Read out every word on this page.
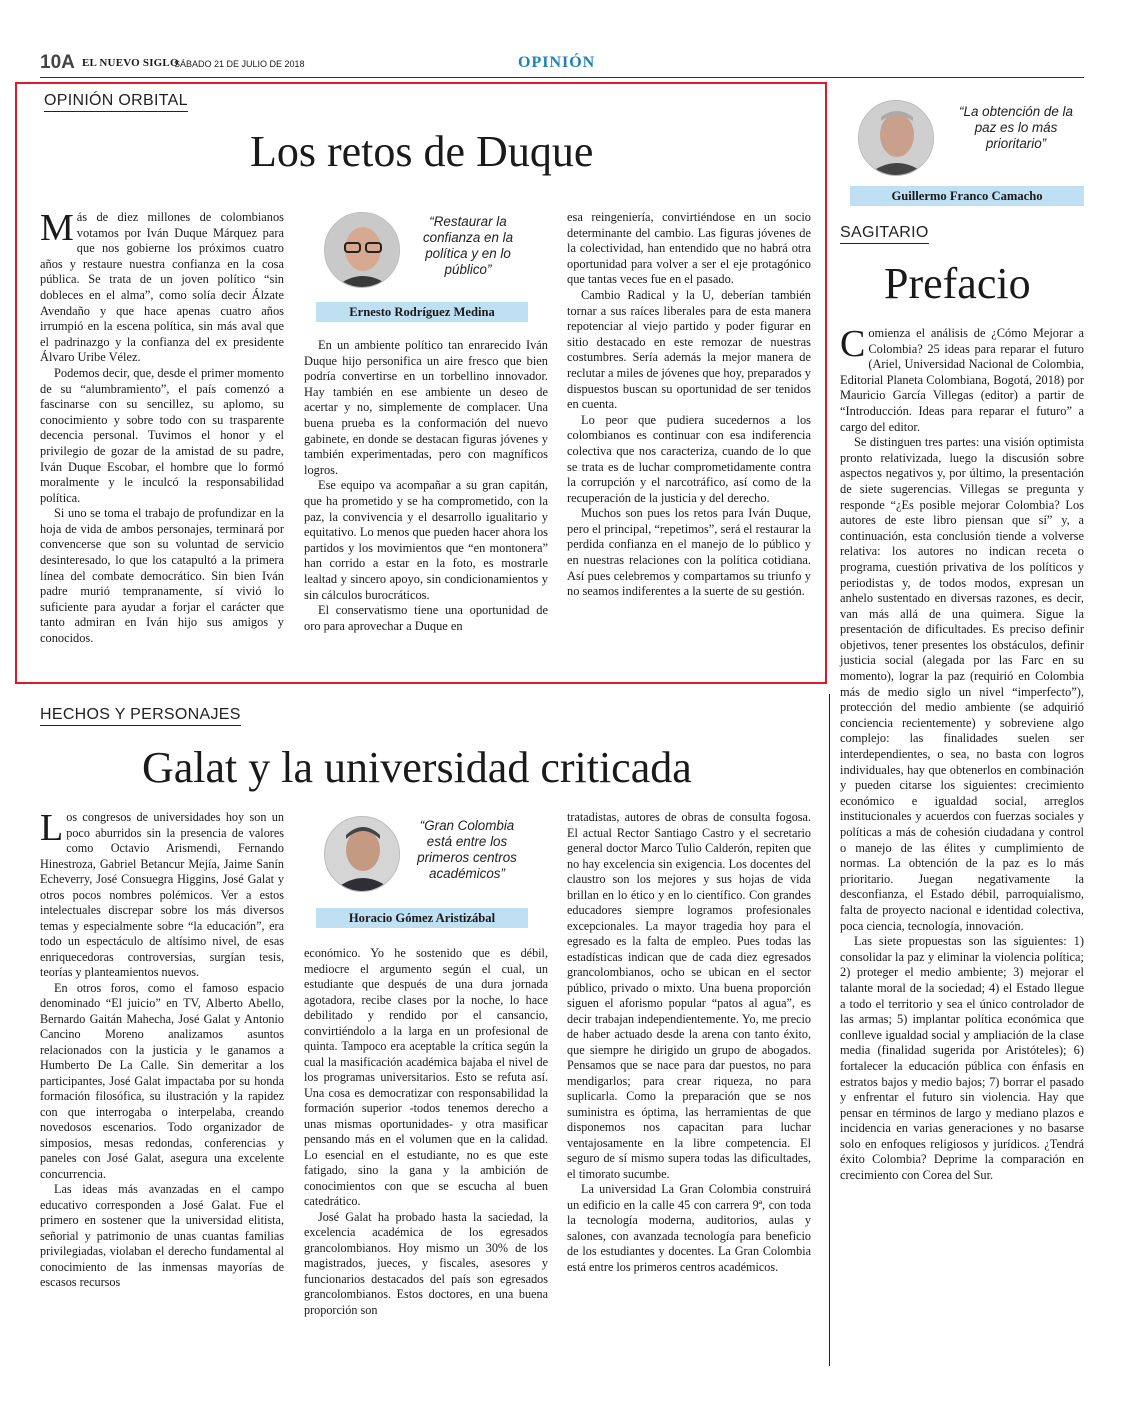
10A EL NUEVO SIGLO
SÁBADO 21 DE JULIO DE 2018	OPINIÓN
OPINIÓN ORBITAL
Los retos de Duque

Más de diez millones de colombianos votamos por Iván Duque Márquez para que nos gobierne los próximos cuatro años y restaure nuestra confianza en la cosa pública. Se trata de un joven político “sin dobleces en el alma”, como solía decir Álzate Avendaño y que hace apenas cuatro años irrumpió en la escena política, sin más aval que el padrinazgo y la confianza del ex presidente Álvaro Uribe Vélez.

Podemos decir, que, desde el primer momento de su “alumbramiento”, el país comenzó a fascinarse con su sencillez, su aplomo, su conocimiento y sobre todo con su trasparente decencia personal. Tuvimos el honor y el privilegio de gozar de la amistad de su padre, Iván Duque Escobar, el hombre que lo formó moralmente y le inculcó la responsabilidad política.

Si uno se toma el trabajo de profundizar en la hoja de vida de ambos personajes, terminará por convencerse que son su voluntad de servicio desinteresado, lo que los catapultó a la primera línea del combate democrático. Sin bien Iván padre murió tempranamente, sí vivió lo suficiente para ayudar a forjar el carácter que tanto admiran en Iván hijo sus amigos y conocidos.

“Restaurar la confianza en la política y en lo público”
Ernesto Rodríguez Medina

En un ambiente político tan enrarecido Iván Duque hijo personifica un aire fresco que bien podría convertirse en un torbellino innovador. Hay también en ese ambiente un deseo de acertar y no, simplemente de complacer. Una buena prueba es la conformación del nuevo gabinete, en donde se destacan figuras jóvenes y también experimentadas, pero con magníficos logros.

Ese equipo va acompañar a su gran capitán, que ha prometido y se ha comprometido, con la paz, la convivencia y el desarrollo igualitario y equitativo. Lo menos que pueden hacer ahora los partidos y los movimientos que “en montonera” han corrido a estar en la foto, es mostrarle lealtad y sincero apoyo, sin condicionamientos y sin cálculos burocráticos.

El conservatismo tiene una oportunidad de oro para aprovechar a Duque en

esa reingeniería, convirtiéndose en un socio determinante del cambio. Las figuras jóvenes de la colectividad, han entendido que no habrá otra oportunidad para volver a ser el eje protagónico que tantas veces fue en el pasado.

Cambio Radical y la U, deberían también tornar a sus raíces liberales para de esta manera repotenciar al viejo partido y poder figurar en sitio destacado en este remozar de nuestras costumbres. Sería además la mejor manera de reclutar a miles de jóvenes que hoy, preparados y dispuestos buscan su oportunidad de ser tenidos en cuenta.

Lo peor que pudiera sucedernos a los colombianos es continuar con esa indiferencia colectiva que nos caracteriza, cuando de lo que se trata es de luchar comprometidamente contra la corrupción y el narcotráfico, así como de la recuperación de la justicia y del derecho.

Muchos son pues los retos para Iván Duque, pero el principal, “repetimos”, será el restaurar la perdida confianza en el manejo de lo público y en nuestras relaciones con la política cotidiana. Así pues celebremos y compartamos su triunfo y no seamos indiferentes a la suerte de su gestión.

HECHOS Y PERSONAJES
Galat y la universidad criticada

Los congresos de universidades hoy son un poco aburridos sin la presencia de valores como Octavio Arismendi, Fernando Hinestroza, Gabriel Betancur Mejía, Jaime Sanín Echeverry, José Consuegra Higgins, José Galat y otros pocos nombres polémicos. Ver a estos intelectuales discrepar sobre los más diversos temas y especialmente sobre “la educación”, era todo un espectáculo de altísimo nivel, de esas enriquecedoras controversias, surgían tesis, teorías y planteamientos nuevos.

En otros foros, como el famoso espacio denominado “El juicio” en TV, Alberto Abello, Bernardo Gaitán Mahecha, José Galat y Antonio Cancino Moreno analizamos asuntos relacionados con la justicia y le ganamos a Humberto De La Calle. Sin demeritar a los participantes, José Galat impactaba por su honda formación filosófica, su ilustración y la rapidez con que interrogaba o interpelaba, creando novedosos escenarios. Todo organizador de simposios, mesas redondas, conferencias y paneles con José Galat, asegura una excelente concurrencia.

Las ideas más avanzadas en el campo educativo corresponden a José Galat. Fue el primero en sostener que la universidad elitista, señorial y patrimonio de unas cuantas familias privilegiadas, violaban el derecho fundamental al conocimiento de las inmensas mayorías de escasos recursos

“Gran Colombia está entre los primeros centros académicos”
Horacio Gómez Aristizábal

económico. Yo he sostenido que es débil, mediocre el argumento según el cual, un estudiante que después de una dura jornada agotadora, recibe clases por la noche, lo hace debilitado y rendido por el cansancio, convirtiéndolo a la larga en un profesional de quinta. Tampoco era aceptable la crítica según la cual la masificación académica bajaba el nivel de los programas universitarios. Esto se refuta así. Una cosa es democratizar con responsabilidad la formación superior -todos tenemos derecho a unas mismas oportunidades- y otra masificar pensando más en el volumen que en la calidad. Lo esencial en el estudiante, no es que este fatigado, sino la gana y la ambición de conocimientos con que se escucha al buen catedrático.

José Galat ha probado hasta la saciedad, la excelencia académica de los egresados grancolombianos. Hoy mismo un 30% de los magistrados, jueces, y fiscales, asesores y funcionarios destacados del país son egresados grancolombianos. Estos doctores, en una buena proporción son

tratadistas, autores de obras de consulta fogosa. El actual Rector Santiago Castro y el secretario general doctor Marco Tulio Calderón, repiten que no hay excelencia sin exigencia. Los docentes del claustro son los mejores y sus hojas de vida brillan en lo ético y en lo científico. Con grandes educadores siempre logramos profesionales excepcionales. La mayor tragedia hoy para el egresado es la falta de empleo. Pues todas las estadísticas indican que de cada diez egresados grancolombianos, ocho se ubican en el sector público, privado o mixto. Una buena proporción siguen el aforismo popular “patos al agua”, es decir trabajan independientemente. Yo, me precio de haber actuado desde la arena con tanto éxito, que siempre he dirigido un grupo de abogados. Pensamos que se nace para dar puestos, no para mendigarlos; para crear riqueza, no para suplicarla. Como la preparación que se nos suministra es óptima, las herramientas de que disponemos nos capacitan para luchar ventajosamente en la libre competencia. El seguro de sí mismo supera todas las dificultades, el timorato sucumbe.

La universidad La Gran Colombia construirá un edificio en la calle 45 con carrera 9ª, con toda la tecnología moderna, auditorios, aulas y salones, con avanzada tecnología para beneficio de los estudiantes y docentes. La Gran Colombia está entre los primeros centros académicos.

“La obtención de la paz es lo más prioritario”
Guillermo Franco Camacho
SAGITARIO
Prefacio

Comienza el análisis de ¿Cómo Mejorar a Colombia? 25 ideas para reparar el futuro (Ariel, Universidad Nacional de Colombia, Editorial Planeta Colombiana, Bogotá, 2018) por Mauricio García Villegas (editor) a partir de “Introducción. Ideas para reparar el futuro” a cargo del editor.

Se distinguen tres partes: una visión optimista pronto relativizada, luego la discusión sobre aspectos negativos y, por último, la presentación de siete sugerencias. Villegas se pregunta y responde “¿Es posible mejorar Colombia? Los autores de este libro piensan que sí” y, a continuación, esta conclusión tiende a volverse relativa: los autores no indican receta o programa, cuestión privativa de los políticos y periodistas y, de todos modos, expresan un anhelo sustentado en diversas razones, es decir, van más allá de una quimera. Sigue la presentación de dificultades. Es preciso definir objetivos, tener presentes los obstáculos, definir justicia social (alegada por las Farc en su momento), lograr la paz (requirió en Colombia más de medio siglo un nivel “imperfecto”), protección del medio ambiente (se adquirió conciencia recientemente) y sobreviene algo complejo: las finalidades suelen ser interdependientes, o sea, no basta con logros individuales, hay que obtenerlos en combinación y pueden citarse los siguientes: crecimiento económico e igualdad social, arreglos institucionales y acuerdos con fuerzas sociales y políticas a más de cohesión ciudadana y control o manejo de las élites y cumplimiento de normas. La obtención de la paz es lo más prioritario. Juegan negativamente la desconfianza, el Estado débil, parroquialismo, falta de proyecto nacional e identidad colectiva, poca ciencia, tecnología, innovación.

Las siete propuestas son las siguientes: 1) consolidar la paz y eliminar la violencia política; 2) proteger el medio ambiente; 3) mejorar el talante moral de la sociedad; 4) el Estado llegue a todo el territorio y sea el único controlador de las armas; 5) implantar política económica que conlleve igualdad social y ampliación de la clase media (finalidad sugerida por Aristóteles); 6) fortalecer la educación pública con énfasis en estratos bajos y medio bajos; 7) borrar el pasado y enfrentar el futuro sin violencia. Hay que pensar en términos de largo y mediano plazos e incidencia en varias generaciones y no basarse solo en enfoques religiosos y jurídicos. ¿Tendrá éxito Colombia? Deprime la comparación en crecimiento con Corea del Sur.
